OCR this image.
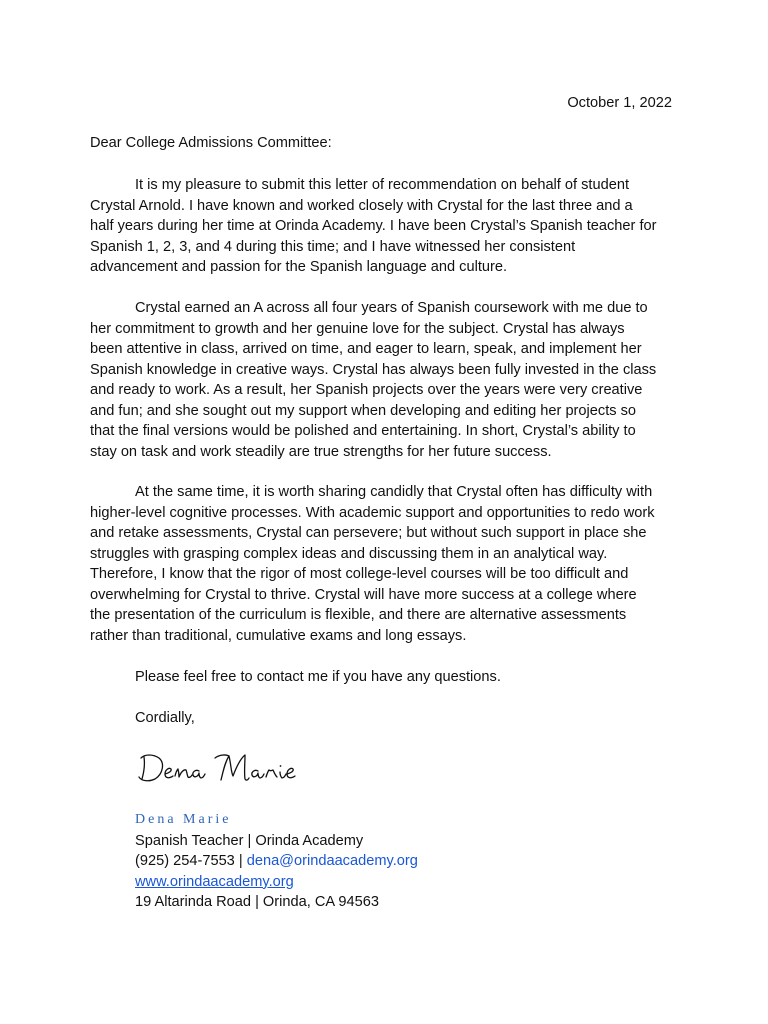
October 1, 2022
Dear College Admissions Committee:
It is my pleasure to submit this letter of recommendation on behalf of student
Crystal Arnold. I have known and worked closely with Crystal for the last three and a
half years during her time at Orinda Academy. I have been Crystal’s Spanish teacher for
Spanish 1, 2, 3, and 4 during this time; and I have witnessed her consistent
advancement and passion for the Spanish language and culture.
Crystal earned an A across all four years of Spanish coursework with me due to
her commitment to growth and her genuine love for the subject. Crystal has always
been attentive in class, arrived on time, and eager to learn, speak, and implement her
Spanish knowledge in creative ways. Crystal has always been fully invested in the class
and ready to work. As a result, her Spanish projects over the years were very creative
and fun; and she sought out my support when developing and editing her projects so
that the final versions would be polished and entertaining. In short, Crystal’s ability to
stay on task and work steadily are true strengths for her future success.
At the same time, it is worth sharing candidly that Crystal often has difficulty with
higher-level cognitive processes. With academic support and opportunities to redo work
and retake assessments, Crystal can persevere; but without such support in place she
struggles with grasping complex ideas and discussing them in an analytical way.
Therefore, I know that the rigor of most college-level courses will be too difficult and
overwhelming for Crystal to thrive. Crystal will have more success at a college where
the presentation of the curriculum is flexible, and there are alternative assessments
rather than traditional, cumulative exams and long essays.
Please feel free to contact me if you have any questions.
Cordially,
Dena Marie
Spanish Teacher | Orinda Academy
(925) 254-7553 | dena@orindaacademy.org
www.orindaacademy.org
19 Altarinda Road | Orinda, CA 94563
